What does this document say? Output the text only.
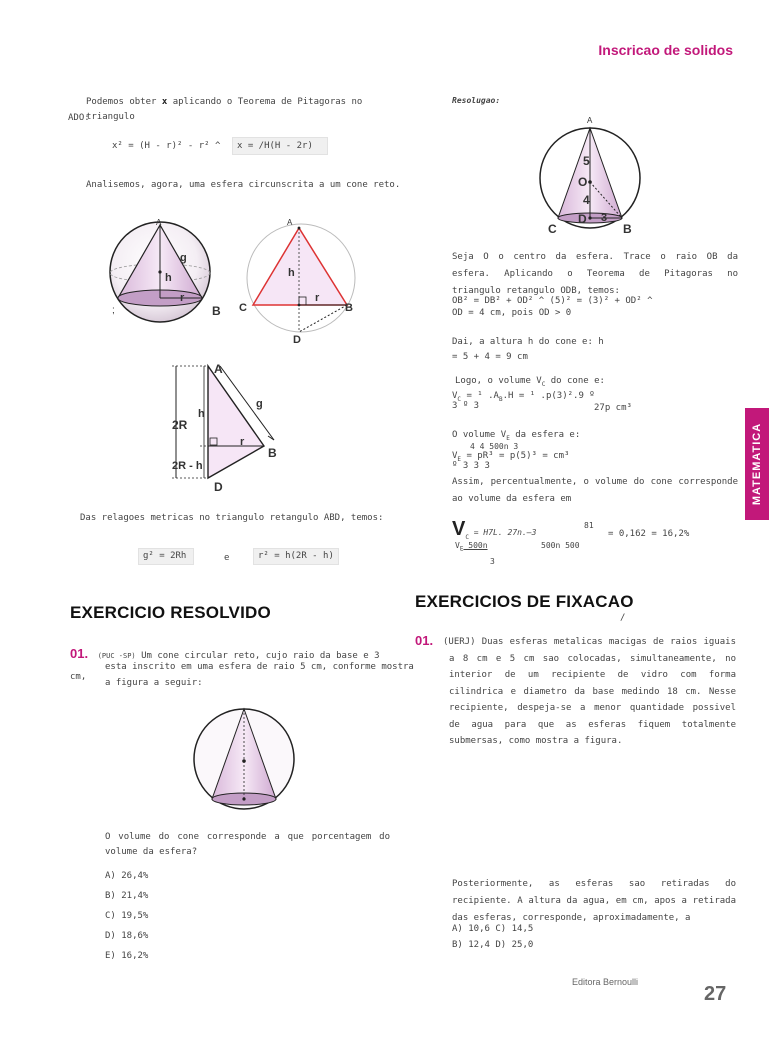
Inscricao de solidos
MATEMATICA
Podemos obter x aplicando o Teorema de Pitagoras no triangulo
ADO:
x² = (H - r)² - r² ^	x = /H(H - 2r)
Analisemos, agora, uma esfera circunscrita a um cone reto.
A
g
h
r
B
;
A
C
h
r
B
D
A
2R
h
g
r
B
2R - h
D
Das relagoes metricas no triangulo retangulo ABD, temos:
g² = 2Rh	e	r² = h(2R - h)
EXERCICIO RESOLVIDO
01. (PUC -SP) Um cone circular reto, cujo raio da base e 3 cm,
esta inscrito em uma esfera de raio 5 cm, conforme mostra
a figura a seguir:
O volume do cone corresponde a que porcentagem do volume da esfera?
A) 26,4%
B) 21,4%
C) 19,5%
D) 18,6%
E) 16,2%
Resolugao:
A
5
O
4
D 3
B
C
Seja O o centro da esfera. Trace o raio OB da esfera. Aplicando o Teorema de Pitagoras no triangulo retangulo ODB, temos:
OB² = DB² + OD² ^ (5)² = (3)² + OD² ^
OD = 4 cm, pois OD > 0
Dai, a altura h do cone e: h
= 5 + 4 = 9 cm
Logo, o volume $V_C$ do cone e:
$V_C = ^1$ $.A_B.H = ^1$ .p(3)².9 º
3 º 3	27p cm³
O volume $V_E$ da esfera e:
4 4 500n 3
$V_E = pR^3 = p(5)^3 = cm^3$
º 3 3 3
Assim, percentualmente, o volume do cone corresponde ao volume da esfera em
81
$V_C = H7L$. 27n.—3	= 0,162 = 16,2%
$V_E$ 500n	500n 500
3
EXERCICIOS DE FIXACAO
/
01. (UERJ) Duas esferas metalicas macigas de raios iguais a 8 cm e 5 cm sao colocadas, simultaneamente, no interior de um recipiente de vidro com forma cilindrica e diametro da base medindo 18 cm. Nesse recipiente, despeja-se a menor quantidade possivel de agua para que as esferas fiquem totalmente submersas, como mostra a figura.
Posteriormente, as esferas sao retiradas do recipiente. A altura da agua, em cm, apos a retirada das esferas, corresponde, aproximadamente, a
A) 10,6 C) 14,5
B) 12,4 D) 25,0
Editora Bernoulli
27
